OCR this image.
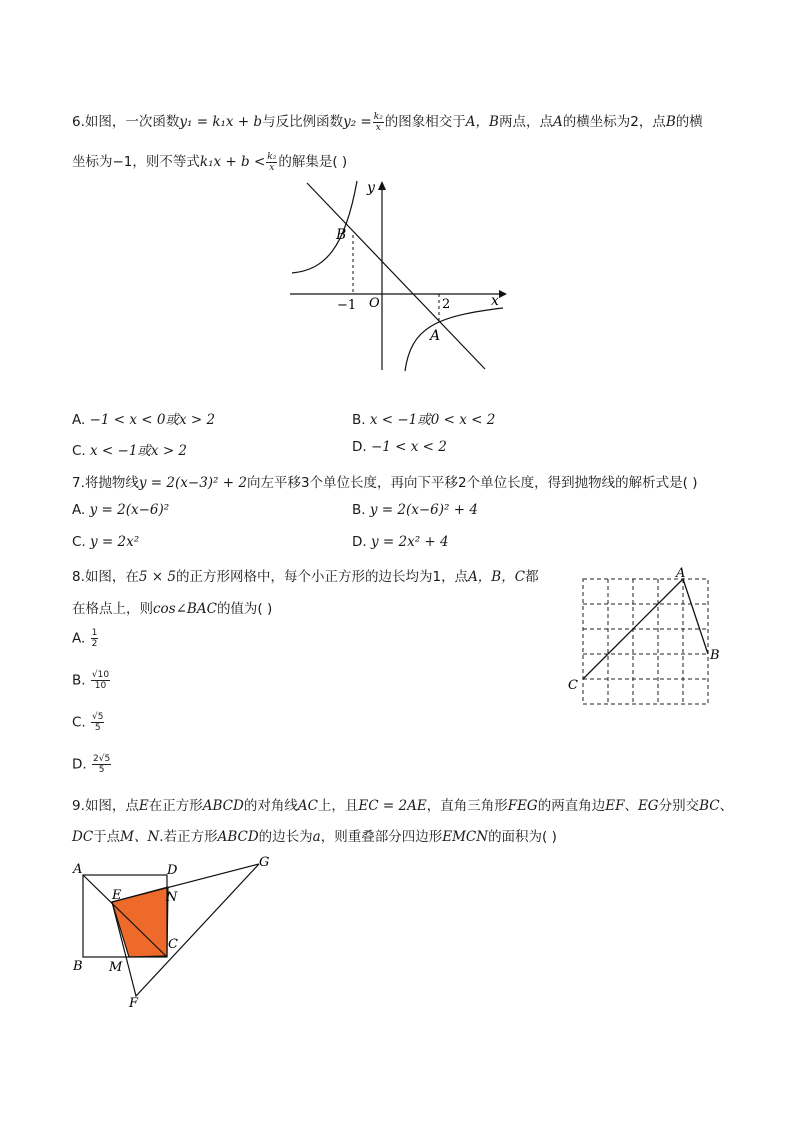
6.如图，一次函数y₁ = k₁x + b与反比例函数$y_2 = \frac{\text{k₂}}{x}$ 的图象相交于A，B两点，点A的横坐标为2，点B的横
坐标为−1，则不等式$k_1x + b < \frac{\text{k₂}}{x}$ 的解集是( )
y
x
O
B
A
−1	2
A. −1 < x < 0或x > 2	B. x < −1或0 < x < 2
C. x < −1或x > 2	D. −1 < x < 2
7.将抛物线y = 2(x−3)² + 2向左平移3个单位长度，再向下平移2个单位长度，得到抛物线的解析式是( )
A. y = 2(x−6)²	B. y = 2(x−6)² + 4
C. y = 2x²	D. y = 2x² + 4
8.如图，在5 × 5的正方形网格中，每个小正方形的边长均为1，点A，B，C都
在格点上，则cos∠BAC的值为( )
A
B
C
A. $\frac{1}{2}$
B. $\frac{√10}{10}$
C. $\frac{√5}{5}$
D. $\frac{2√5}{5}$
9.如图，点E在正方形ABCD的对角线AC上，且EC = 2AE，直角三角形FEG的两直角边EF、EG分别交BC、
DC于点M、N.若正方形ABCD的边长为a，则重叠部分四边形EMCN的面积为( )
A	D
G
E	N
C
B M
F
